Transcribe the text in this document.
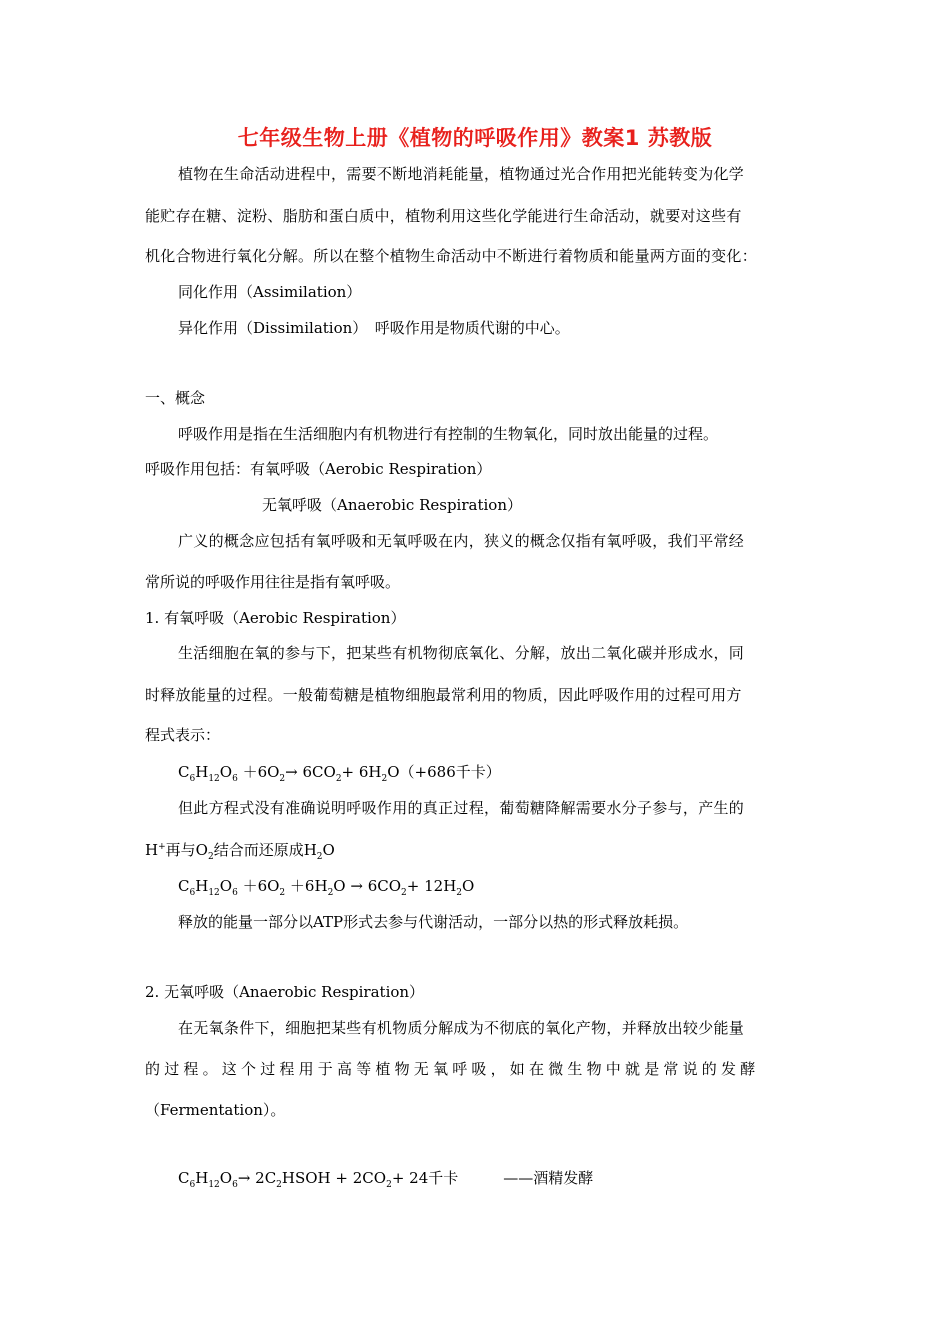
七年级生物上册《植物的呼吸作用》教案1 苏教版
植物在生命活动进程中，需要不断地消耗能量，植物通过光合作用把光能转变为化学
能贮存在糖、淀粉、脂肪和蛋白质中，植物利用这些化学能进行生命活动，就要对这些有
机化合物进行氧化分解。所以在整个植物生命活动中不断进行着物质和能量两方面的变化：
同化作用（Assimilation）
异化作用（Dissimilation）　呼吸作用是物质代谢的中心。
一、概念
呼吸作用是指在生活细胞内有机物进行有控制的生物氧化，同时放出能量的过程。
呼吸作用包括：有氧呼吸（Aerobic Respiration）
无氧呼吸（Anaerobic Respiration）
广义的概念应包括有氧呼吸和无氧呼吸在内，狭义的概念仅指有氧呼吸，我们平常经
常所说的呼吸作用往往是指有氧呼吸。
1. 有氧呼吸（Aerobic Respiration）
生活细胞在氧的参与下，把某些有机物彻底氧化、分解，放出二氧化碳并形成水，同
时释放能量的过程。一般葡萄糖是植物细胞最常利用的物质，因此呼吸作用的过程可用方
程式表示：
$C_6H_{12}O_6 +6O_2\to 6CO_2+ 6H_2O(+686$千卡）
但此方程式没有准确说明呼吸作用的真正过程，葡萄糖降解需要水分子参与，产生的
H+再与$O_2$结合而还原成$H_2O$
$C_6H_{12}O_6 +6O_2 +6H_2O \to 6CO_2+ 12H_2O$
释放的能量一部分以ATP形式去参与代谢活动，一部分以热的形式释放耗损。
2. 无氧呼吸（Anaerobic Respiration）
在无氧条件下，细胞把某些有机物质分解成为不彻底的氧化产物，并释放出较少能量
的过程。这个过程用于高等植物无氧呼吸，如在微生物中就是常说的发酵
（Fermentation）。
$C_6H_{12}O_6\to$ $2C_2HSOH + 2CO_2+ 24$千卡　　　——酒精发酵
